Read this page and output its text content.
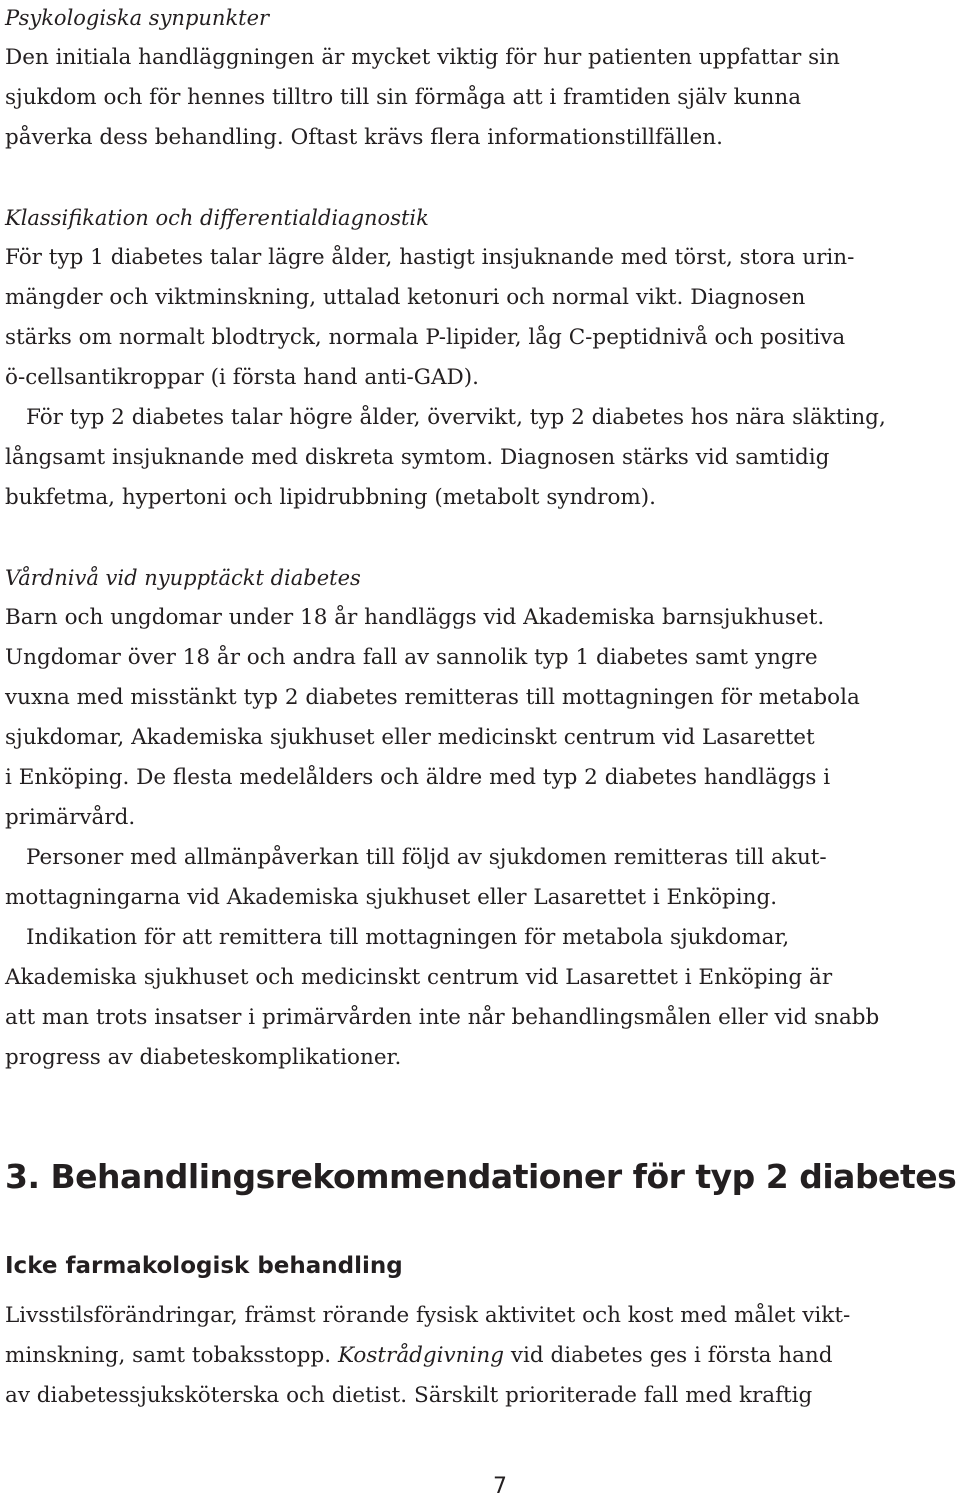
Psykologiska synpunkter

Den initiala handläggningen är mycket viktig för hur patienten uppfattar sin
sjukdom och för hennes tilltro till sin förmåga att i framtiden själv kunna
påverka dess behandling. Oftast krävs flera informationstillfällen.

Klassifikation och differentialdiagnostik

För typ 1 diabetes talar lägre ålder, hastigt insjuknande med törst, stora urin-
mängder och viktminskning, uttalad ketonuri och normal vikt. Diagnosen
stärks om normalt blodtryck, normala P-lipider, låg C-peptidnivå och positiva
ö-cellsantikroppar (i första hand anti-GAD).
För typ 2 diabetes talar högre ålder, övervikt, typ 2 diabetes hos nära släkting,
långsamt insjuknande med diskreta symtom. Diagnosen stärks vid samtidig
bukfetma, hypertoni och lipidrubbning (metabolt syndrom).

Vårdnivå vid nyupptäckt diabetes

Barn och ungdomar under 18 år handläggs vid Akademiska barnsjukhuset.
Ungdomar över 18 år och andra fall av sannolik typ 1 diabetes samt yngre
vuxna med misstänkt typ 2 diabetes remitteras till mottagningen för metabola
sjukdomar, Akademiska sjukhuset eller medicinskt centrum vid Lasarettet
i Enköping. De flesta medelålders och äldre med typ 2 diabetes handläggs i
primärvård.
Personer med allmänpåverkan till följd av sjukdomen remitteras till akut-
mottagningarna vid Akademiska sjukhuset eller Lasarettet i Enköping.
Indikation för att remittera till mottagningen för metabola sjukdomar,
Akademiska sjukhuset och medicinskt centrum vid Lasarettet i Enköping är
att man trots insatser i primärvården inte når behandlingsmålen eller vid snabb
progress av diabeteskomplikationer.
3. Behandlingsrekommendationer för typ 2 diabetes
Icke farmakologisk behandling
Livsstilsförändringar, främst rörande fysisk aktivitet och kost med målet vikt-
minskning, samt tobaksstopp. Kostrådgivning vid diabetes ges i första hand
av diabetessjuksköterska och dietist. Särskilt prioriterade fall med kraftig

7
